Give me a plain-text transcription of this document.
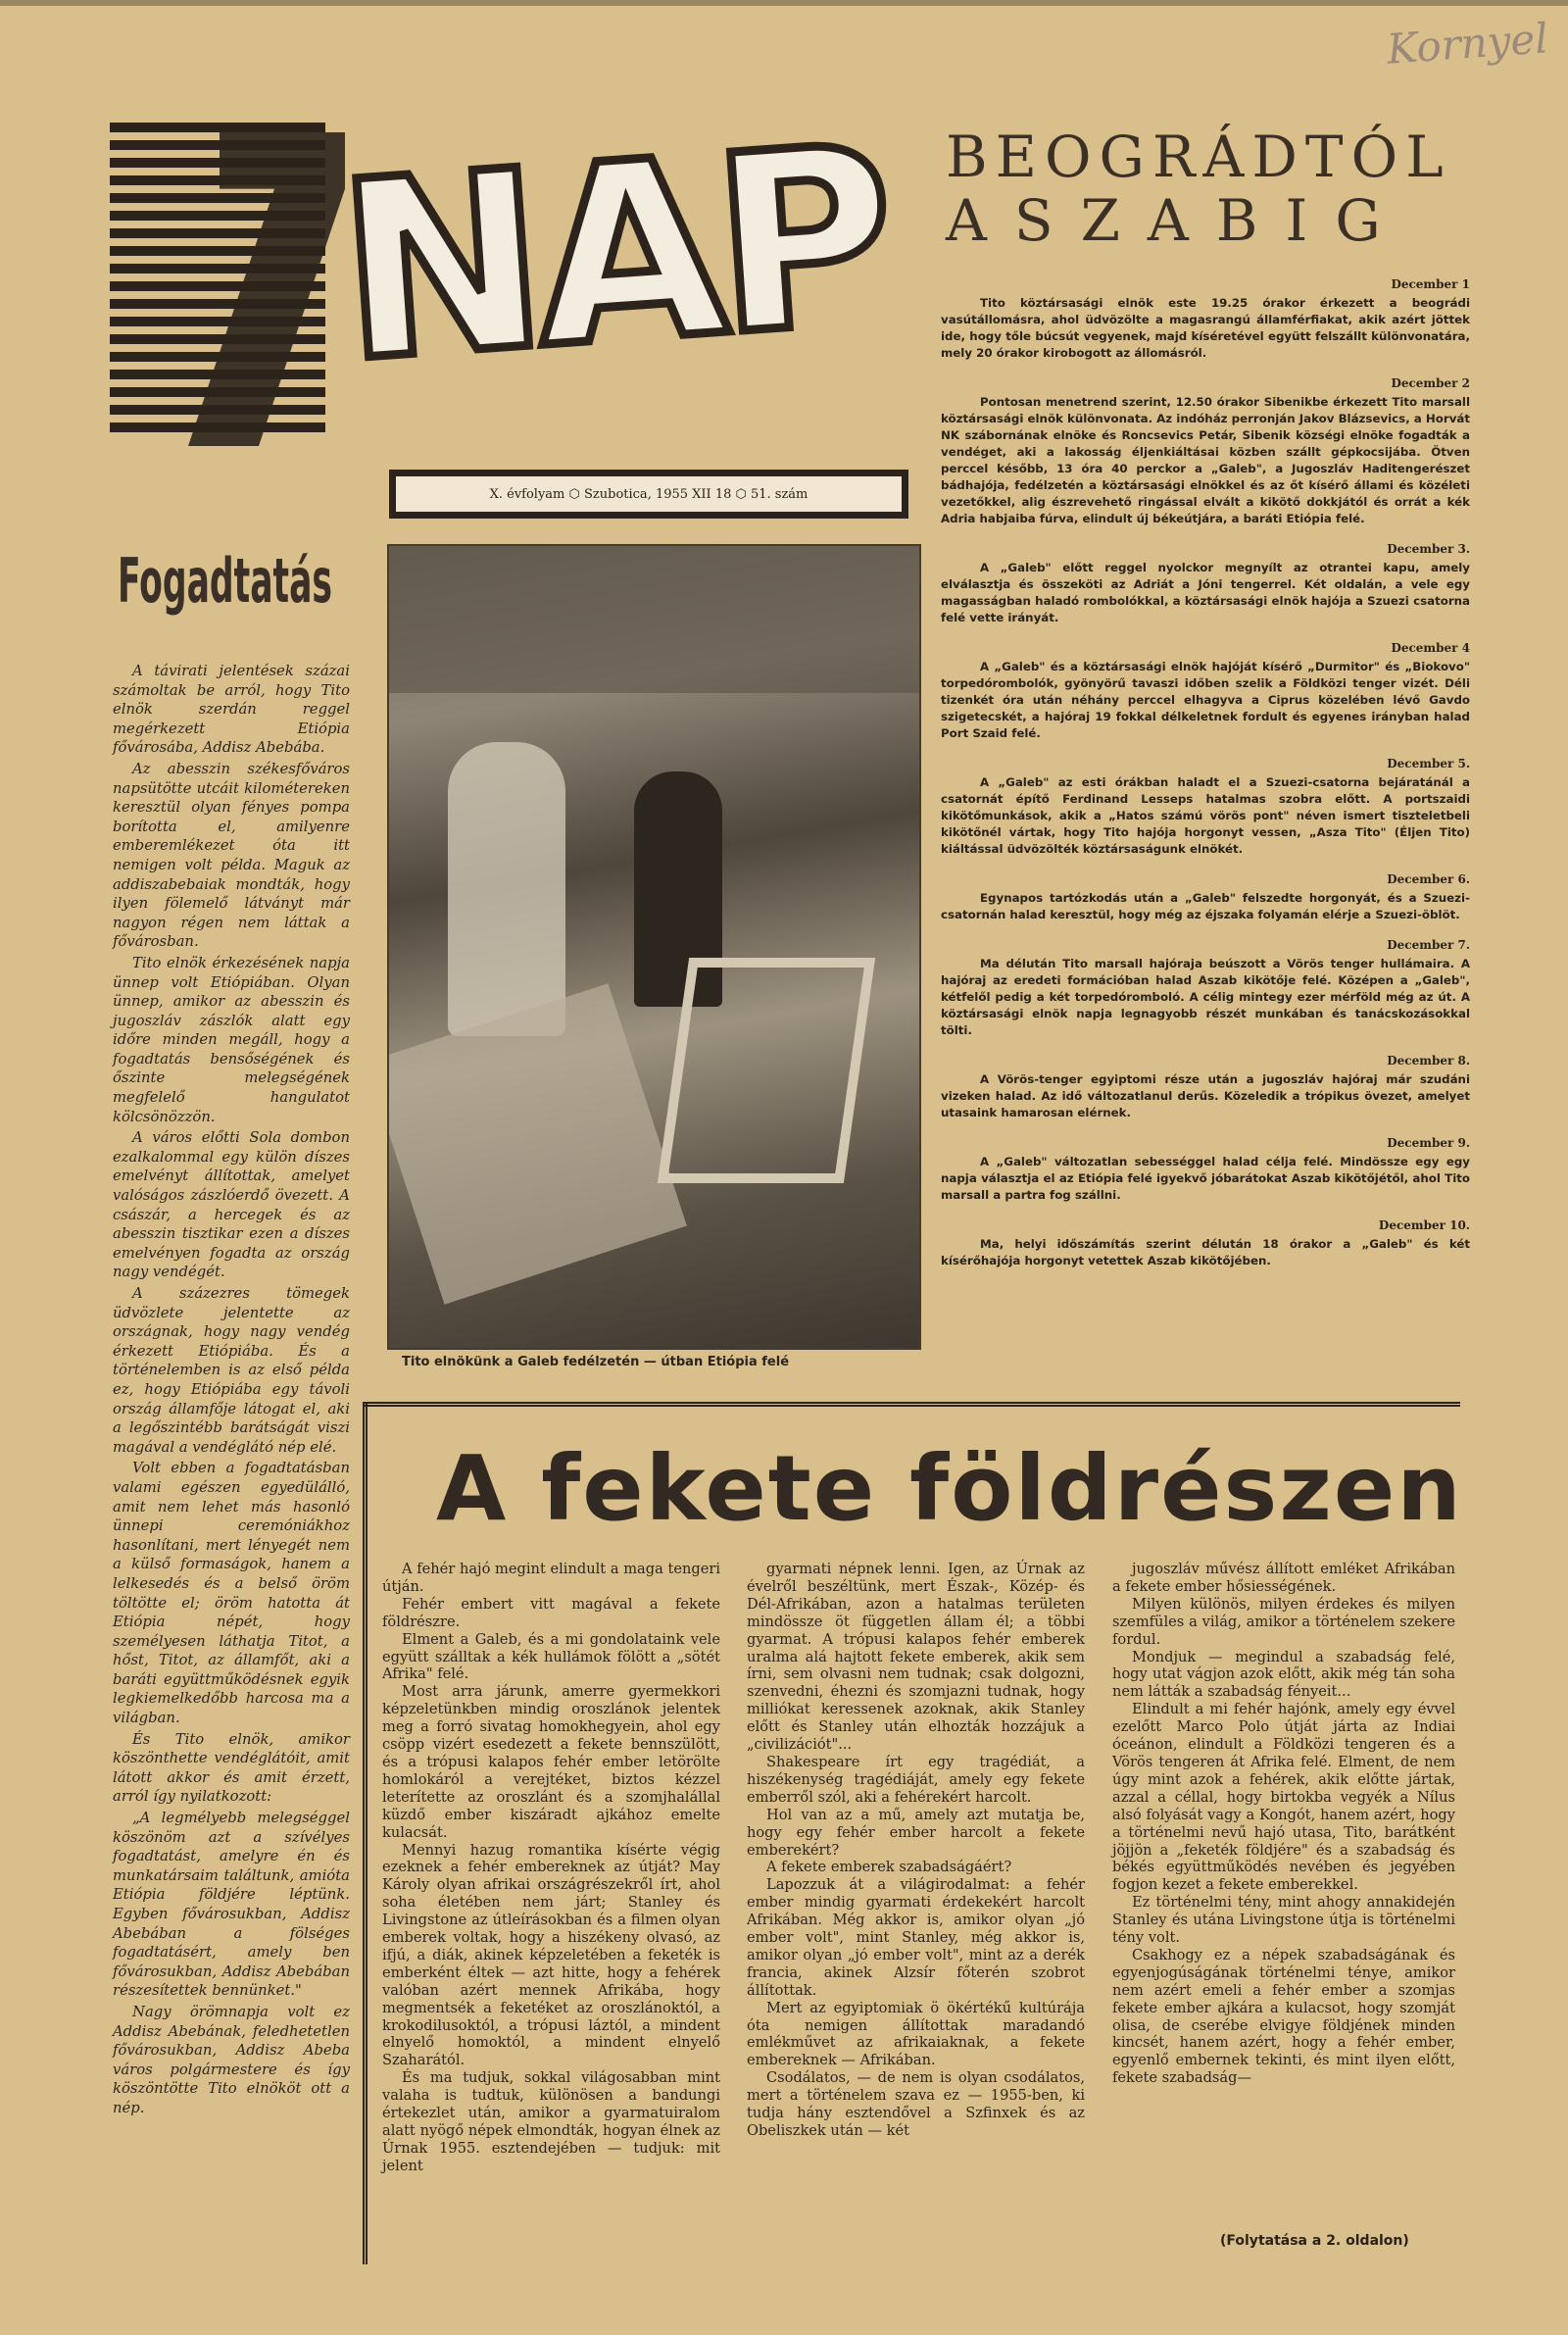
Kornyel
NAP
X. évfolyam ⬡ Szubotica, 1955 XII 18 ⬡ 51. szám
BEOGRÁDTÓL
ASZABIG
December 1

Tito köztársasági elnök este 19.25 órakor érkezett a beográdi vasútállomásra, ahol üdvözölte a magasrangú államférfiakat, akik azért jöttek ide, hogy tőle búcsút vegyenek, majd kíséretével együtt felszállt különvonatára, mely 20 órakor kirobogott az állomásról.

December 2

Pontosan menetrend szerint, 12.50 órakor Sibenikbe érkezett Tito marsall köztársasági elnök különvonata. Az indóház perronján Jakov Blázsevics, a Horvát NK szábornának elnöke és Roncsevics Petár, Sibenik községi elnöke fogadták a vendéget, aki a lakosság éljenkiáltásai közben szállt gépkocsijába. Ötven perccel később, 13 óra 40 perckor a „Galeb", a Jugoszláv Haditengerészet bádhajója, fedélzetén a köztársasági elnökkel és az őt kísérő állami és közéleti vezetőkkel, alig észrevehető ringással elvált a kikötő dokkjától és orrát a kék Adria habjaiba fúrva, elindult új békeútjára, a baráti Etiópia felé.

December 3.

A „Galeb" előtt reggel nyolckor megnyílt az otrantei kapu, amely elválasztja és összeköti az Adriát a Jóni tengerrel. Két oldalán, a vele egy magasságban haladó rombolókkal, a köztársasági elnök hajója a Szuezi csatorna felé vette irányát.

December 4

A „Galeb" és a köztársasági elnök hajóját kísérő „Durmitor" és „Biokovo" torpedórombolók, gyönyörű tavaszi időben szelik a Földközi tenger vizét. Déli tizenkét óra után néhány perccel elhagyva a Ciprus közelében lévő Gavdo szigetecskét, a hajóraj 19 fokkal délkeletnek fordult és egyenes irányban halad Port Szaid felé.

December 5.

A „Galeb" az esti órákban haladt el a Szuezi-csatorna bejáratánál a csatornát építő Ferdinand Lesseps hatalmas szobra előtt. A portszaidi kikötőmunkások, akik a „Hatos számú vörös pont" néven ismert tiszteletbeli kikötőnél vártak, hogy Tito hajója horgonyt vessen, „Asza Tito" (Éljen Tito) kiáltással üdvözölték köztársaságunk elnökét.

December 6.

Egynapos tartózkodás után a „Galeb" felszedte horgonyát, és a Szuezi-csatornán halad keresztül, hogy még az éjszaka folyamán elérje a Szuezi-öblöt.

December 7.

Ma délután Tito marsall hajóraja beúszott a Vörös tenger hullámaira. A hajóraj az eredeti formációban halad Aszab kikötője felé. Középen a „Galeb", kétfelől pedig a két torpedóromboló. A célig mintegy ezer mérföld még az út. A köztársasági elnök napja legnagyobb részét munkában és tanácskozásokkal tölti.

December 8.

A Vörös-tenger egyiptomi része után a jugoszláv hajóraj már szudáni vizeken halad. Az idő változatlanul derűs. Közeledik a trópikus övezet, amelyet utasaink hamarosan elérnek.

December 9.

A „Galeb" változatlan sebességgel halad célja felé. Mindössze egy egy napja választja el az Etiópia felé igyekvő jóbarátokat Aszab kikötőjétől, ahol Tito marsall a partra fog szállni.

December 10.

Ma, helyi időszámítás szerint délután 18 órakor a „Galeb" és két kísérőhajója horgonyt vetettek Aszab kikötőjében.

Fogadtatás

A távirati jelentések százai számoltak be arról, hogy Tito elnök szerdán reggel megérkezett Etiópia fővárosába, Addisz Abebába.

Az abesszin székesfőváros napsütötte utcáit kilométereken keresztül olyan fényes pompa borította el, amilyenre emberemlékezet óta itt nemigen volt példa. Maguk az addiszabebaiak mondták, hogy ilyen fölemelő látványt már nagyon régen nem láttak a fővárosban.

Tito elnök érkezésének napja ünnep volt Etiópiában. Olyan ünnep, amikor az abesszin és jugoszláv zászlók alatt egy időre minden megáll, hogy a fogadtatás bensőségének és őszinte melegségének megfelelő hangulatot kölcsönözzön.

A város előtti Sola dombon ezalkalommal egy külön díszes emelvényt állítottak, amelyet valóságos zászlóerdő övezett. A császár, a hercegek és az abesszin tisztikar ezen a díszes emelvényen fogadta az ország nagy vendégét.

A százezres tömegek üdvözlete jelentette az országnak, hogy nagy vendég érkezett Etiópiába. És a történelemben is az első példa ez, hogy Etiópiába egy távoli ország államfője látogat el, aki a legőszintébb barátságát viszi magával a vendéglátó nép elé.

Volt ebben a fogadtatásban valami egészen egyedülálló, amit nem lehet más hasonló ünnepi ceremóniákhoz hasonlítani, mert lényegét nem a külső formaságok, hanem a lelkesedés és a belső öröm töltötte el; öröm hatotta át Etiópia népét, hogy személyesen láthatja Titot, a hőst, Titot, az államfőt, aki a baráti együttműködésnek egyik legkiemelkedőbb harcosa ma a világban.

És Tito elnök, amikor köszönthette vendéglátóit, amit látott akkor és amit érzett, arról így nyilatkozott:

„A legmélyebb melegséggel köszönöm azt a szívélyes fogadtatást, amelyre én és munkatársaim találtunk, amióta Etiópia földjére léptünk. Egyben fővárosukban, Addisz Abebában a fölséges fogadtatásért, amely ben fővárosukban, Addisz Abebában részesítettek bennünket."

Nagy örömnapja volt ez Addisz Abebának, feledhetetlen fővárosukban, Addisz Abeba város polgármestere és így köszöntötte Tito elnököt ott a nép.

Tito elnökünk a Galeb fedélzetén — útban Etiópia felé
A fekete földrészen

A fehér hajó megint elindult a maga tengeri útján.

Fehér embert vitt magával a fekete földrészre.

Elment a Galeb, és a mi gondolataink vele együtt szálltak a kék hullámok fölött a „sötét Afrika" felé.

Most arra járunk, amerre gyermekkori képzeletünkben mindig oroszlánok jelentek meg a forró sivatag homokhegyein, ahol egy csöpp vizért esedezett a fekete bennszülött, és a trópusi kalapos fehér ember letörölte homlokáról a verejtéket, biztos kézzel leterítette az oroszlánt és a szomjhalállal küzdő ember kiszáradt ajkához emelte kulacsát.

Mennyi hazug romantika kísérte végig ezeknek a fehér embereknek az útját? May Károly olyan afrikai országrészekről írt, ahol soha életében nem járt; Stanley és Livingstone az útleírásokban és a filmen olyan emberek voltak, hogy a hiszékeny olvasó, az ifjú, a diák, akinek képzeletében a feketék is emberként éltek — azt hitte, hogy a fehérek valóban azért mennek Afrikába, hogy megmentsék a feketéket az oroszlánoktól, a krokodilusoktól, a trópusi láztól, a mindent elnyelő homoktól, a mindent elnyelő Szaharától.

És ma tudjuk, sokkal világosabban mint valaha is tudtuk, különösen a bandungi értekezlet után, amikor a gyarmatuiralom alatt nyögő népek elmondták, hogyan élnek az Úrnak 1955. esztendejében — tudjuk: mit jelent

gyarmati népnek lenni. Igen, az Úrnak az évelről beszéltünk, mert Észak-, Közép- és Dél-Afrikában, azon a hatalmas területen mindössze öt független állam él; a többi gyarmat. A trópusi kalapos fehér emberek uralma alá hajtott fekete emberek, akik sem írni, sem olvasni nem tudnak; csak dolgozni, szenvedni, éhezni és szomjazni tudnak, hogy milliókat keressenek azoknak, akik Stanley előtt és Stanley után elhozták hozzájuk a „civilizációt"...

Shakespeare írt egy tragédiát, a hiszékenység tragédiáját, amely egy fekete emberről szól, aki a fehérekért harcolt.

Hol van az a mű, amely azt mutatja be, hogy egy fehér ember harcolt a fekete emberekért?

A fekete emberek szabadságáért?

Lapozzuk át a világirodalmat: a fehér ember mindig gyarmati érdekekért harcolt Afrikában. Még akkor is, amikor olyan „jó ember volt", mint Stanley, még akkor is, amikor olyan „jó ember volt", mint az a derék francia, akinek Alzsír főterén szobrot állítottak.

Mert az egyiptomiak ö ökértékű kultúrája óta nemigen állítottak maradandó emlékművet az afrikaiaknak, a fekete embereknek — Afrikában.

Csodálatos, — de nem is olyan csodálatos, mert a történelem szava ez — 1955-ben, ki tudja hány esztendővel a Szfinxek és az Obeliszkek után — két

jugoszláv művész állított emléket Afrikában a fekete ember hősiességének.

Milyen különös, milyen érdekes és milyen szemfüles a világ, amikor a történelem szekere fordul.

Mondjuk — megindul a szabadság felé, hogy utat vágjon azok előtt, akik még tán soha nem látták a szabadság fényeit...

Elindult a mi fehér hajónk, amely egy évvel ezelőtt Marco Polo útját járta az Indiai óceánon, elindult a Földközi tengeren és a Vörös tengeren át Afrika felé. Elment, de nem úgy mint azok a fehérek, akik előtte jártak, azzal a céllal, hogy birtokba vegyék a Nílus alsó folyását vagy a Kongót, hanem azért, hogy a történelmi nevű hajó utasa, Tito, barátként jöjjön a „feketék földjére" és a szabadság és békés együttműködés nevében és jegyében fogjon kezet a fekete emberekkel.

Ez történelmi tény, mint ahogy annakidején Stanley és utána Livingstone útja is történelmi tény volt.

Csakhogy ez a népek szabadságának és egyenjogúságának történelmi ténye, amikor nem azért emeli a fehér ember a szomjas fekete ember ajkára a kulacsot, hogy szomját olisa, de cserébe elvigye földjének minden kincsét, hanem azért, hogy a fehér ember, egyenlő embernek tekinti, és mint ilyen előtt, fekete szabadság—

(Folytatása a 2. oldalon)
